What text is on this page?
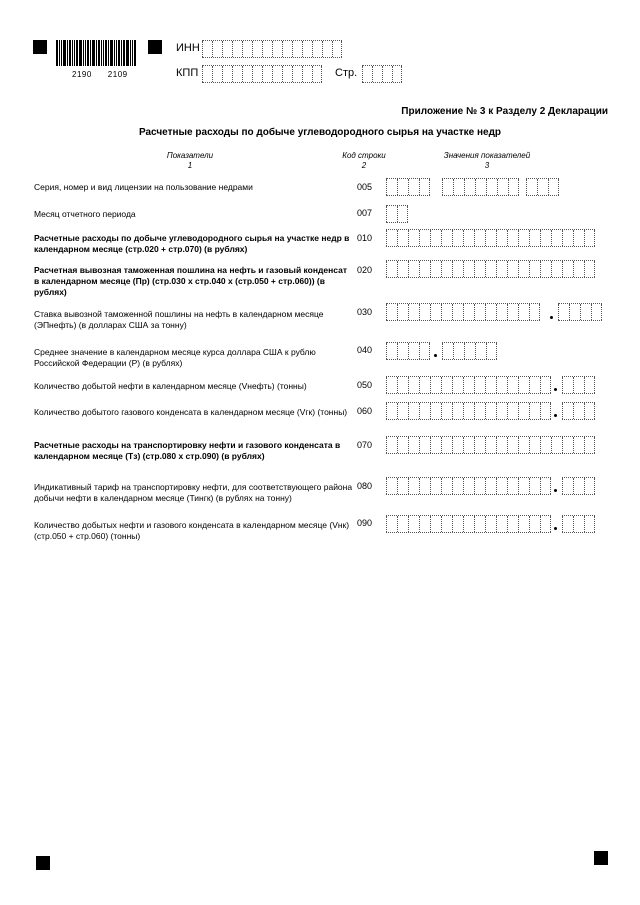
2190 2109
ИНН
КПП	Стр.
Приложение № 3 к Разделу 2 Декларации
Расчетные расходы по добыче углеводородного сырья на участке недр
Показатели
1
Код строки
2
Значения показателей
3
Серия, номер и вид лицензии на пользование недрами	005
Месяц отчетного периода	007
Расчетные расходы по добыче углеводородного сырья на участке недр в календарном месяце (стр.020 + стр.070) (в рублях)
010
Расчетная вывозная таможенная пошлина на нефть и газовый конденсат в календарном месяце (Пр) (стр.030 х стр.040 х (стр.050 + стр.060)) (в рублях)
020
Ставка вывозной таможенной пошлины на нефть в календарном месяце (ЭПнефть) (в долларах США за тонну)
030
Среднее значение в календарном месяце курса доллара США к рублю Российской Федерации (Р) (в рублях)
040
Количество добытой нефти в календарном месяце (Vнефть) (тонны)	050
Количество добытого газового конденсата в календарном месяце (Vгк) (тонны)	060
Расчетные расходы на транспортировку нефти и газового конденсата в календарном месяце (Тз) (стр.080 х стр.090) (в рублях)
070
Индикативный тариф на транспортировку нефти, для соответствующего района добычи нефти в календарном месяце (Тингк) (в рублях на тонну)
080
Количество добытых нефти и газового конденсата в календарном месяце (Vнк) (стр.050 + стр.060) (тонны)
090
